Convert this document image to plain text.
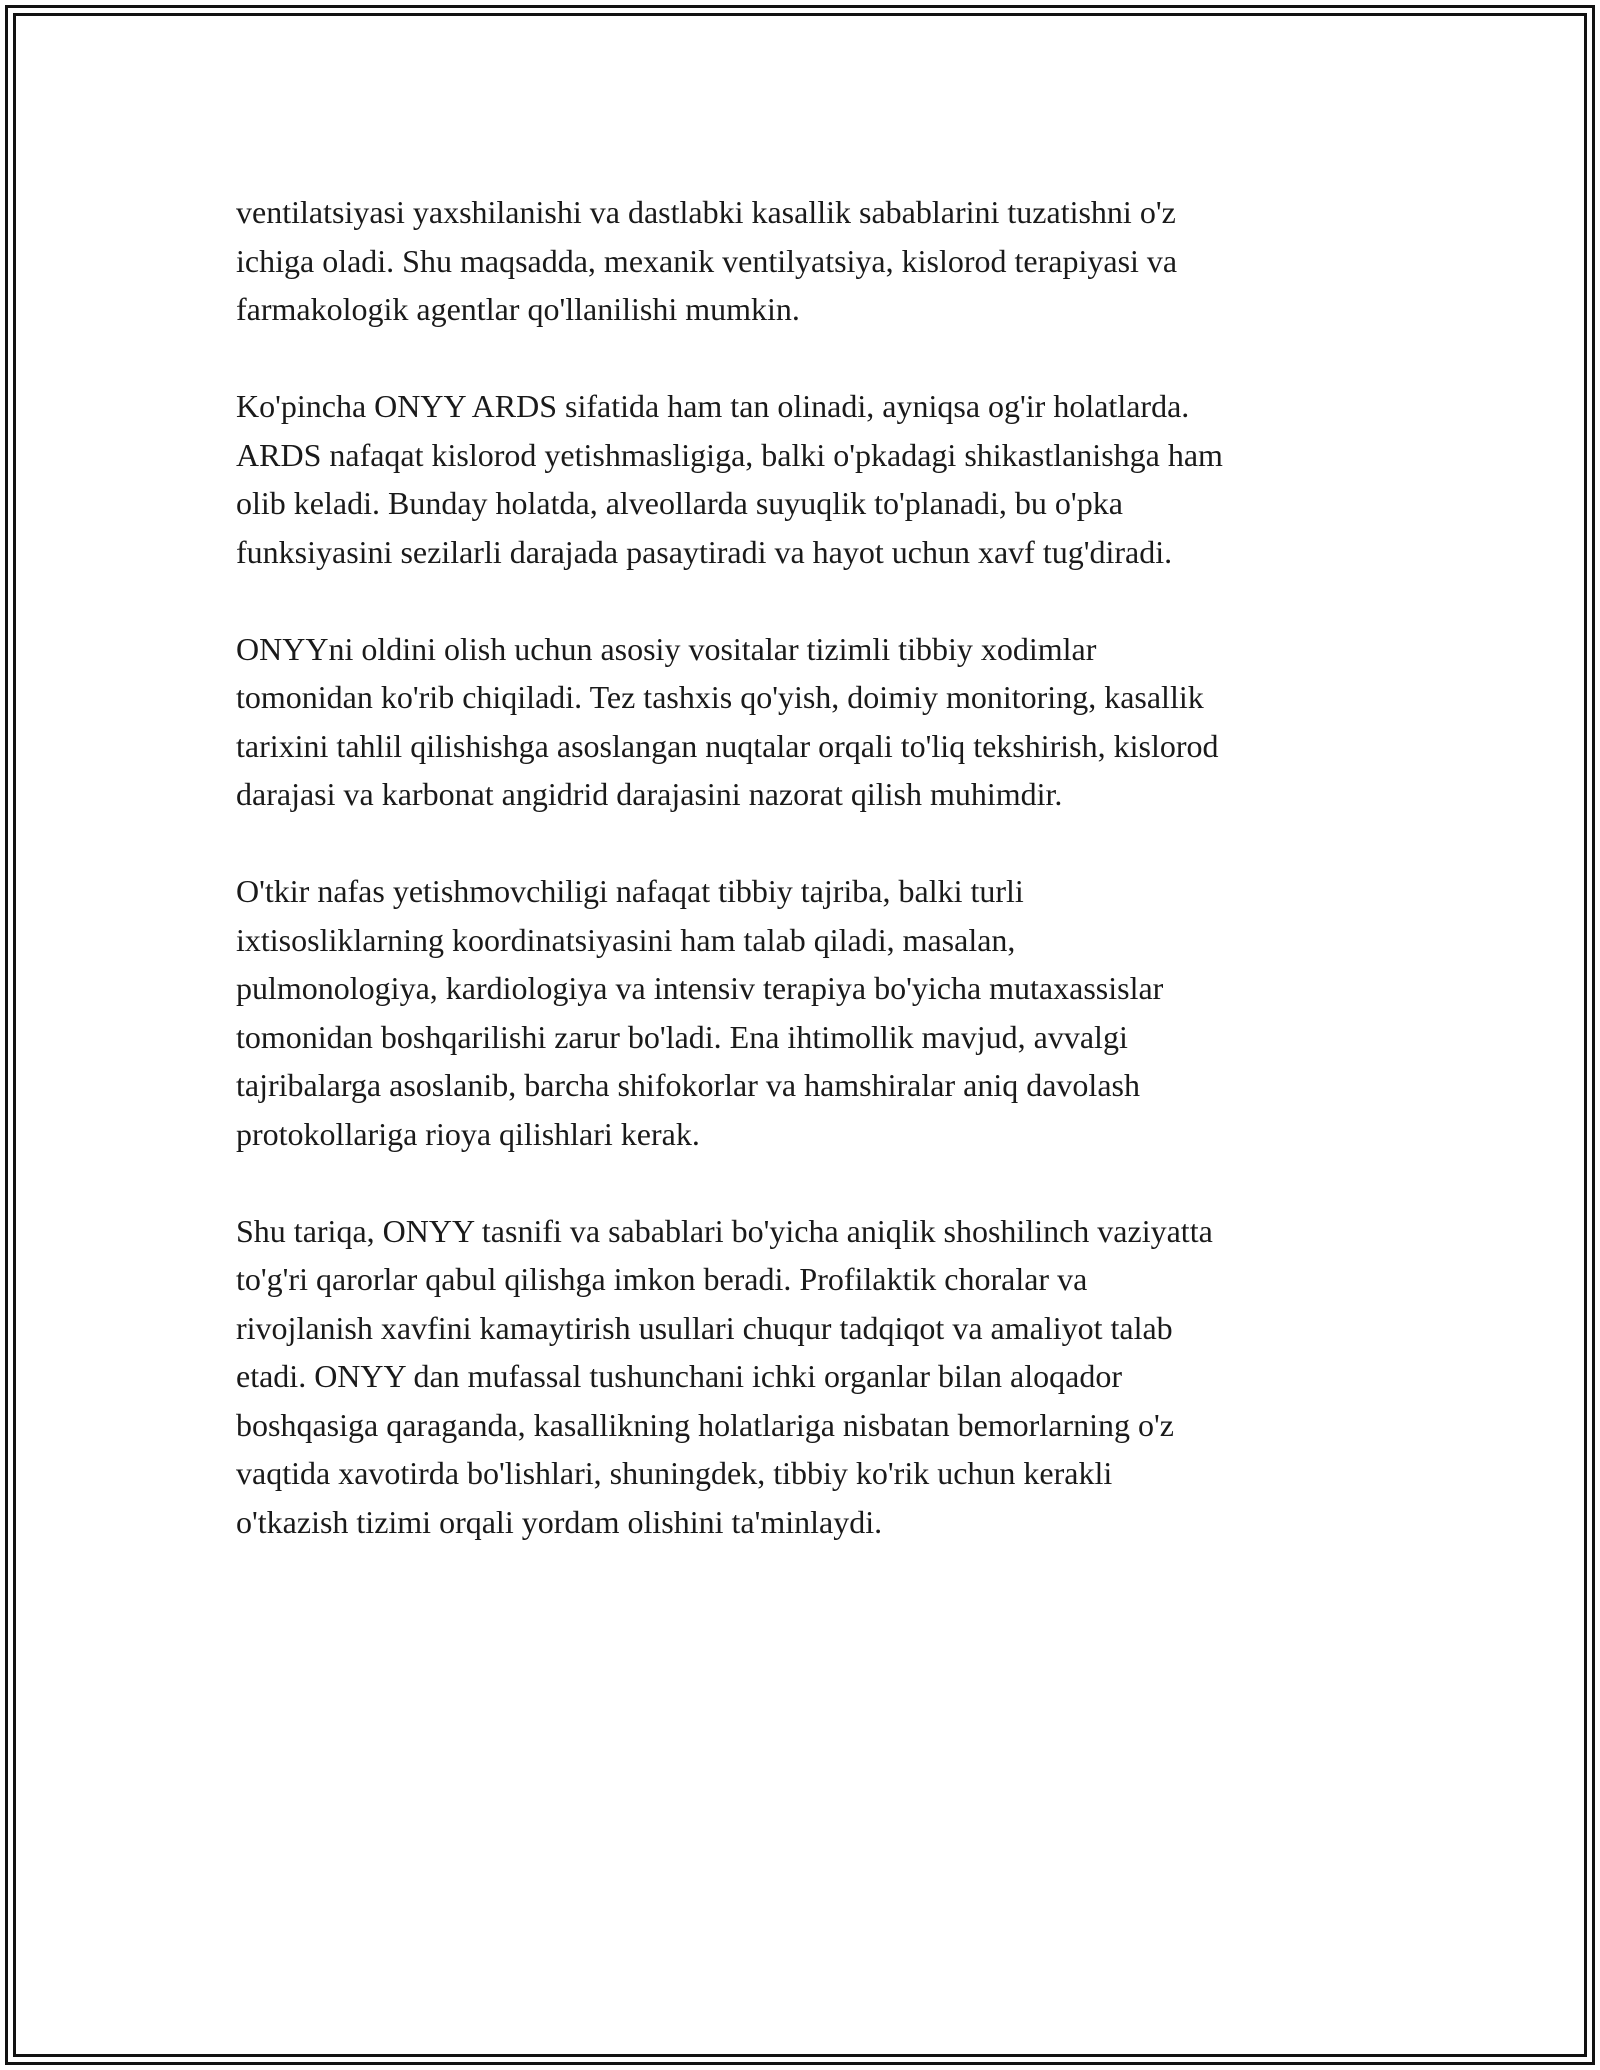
ventilatsiyasi yaxshilanishi va dastlabki kasallik sabablarini tuzatishni o'z
ichiga oladi. Shu maqsadda, mexanik ventilyatsiya, kislorod terapiyasi va
farmakologik agentlar qo'llanilishi mumkin.

Ko'pincha ONYY ARDS sifatida ham tan olinadi, ayniqsa og'ir holatlarda.
ARDS nafaqat kislorod yetishmasligiga, balki o'pkadagi shikastlanishga ham
olib keladi. Bunday holatda, alveollarda suyuqlik to'planadi, bu o'pka
funksiyasini sezilarli darajada pasaytiradi va hayot uchun xavf tug'diradi.

ONYYni oldini olish uchun asosiy vositalar tizimli tibbiy xodimlar
tomonidan ko'rib chiqiladi. Tez tashxis qo'yish, doimiy monitoring, kasallik
tarixini tahlil qilishishga asoslangan nuqtalar orqali to'liq tekshirish, kislorod
darajasi va karbonat angidrid darajasini nazorat qilish muhimdir.

O'tkir nafas yetishmovchiligi nafaqat tibbiy tajriba, balki turli
ixtisosliklarning koordinatsiyasini ham talab qiladi, masalan,
pulmonologiya, kardiologiya va intensiv terapiya bo'yicha mutaxassislar
tomonidan boshqarilishi zarur bo'ladi. Ena ihtimollik mavjud, avvalgi
tajribalarga asoslanib, barcha shifokorlar va hamshiralar aniq davolash
protokollariga rioya qilishlari kerak.

Shu tariqa, ONYY tasnifi va sabablari bo'yicha aniqlik shoshilinch vaziyatta
to'g'ri qarorlar qabul qilishga imkon beradi. Profilaktik choralar va
rivojlanish xavfini kamaytirish usullari chuqur tadqiqot va amaliyot talab
etadi. ONYY dan mufassal tushunchani ichki organlar bilan aloqador
boshqasiga qaraganda, kasallikning holatlariga nisbatan bemorlarning o'z
vaqtida xavotirda bo'lishlari, shuningdek, tibbiy ko'rik uchun kerakli
o'tkazish tizimi orqali yordam olishini ta'minlaydi.
